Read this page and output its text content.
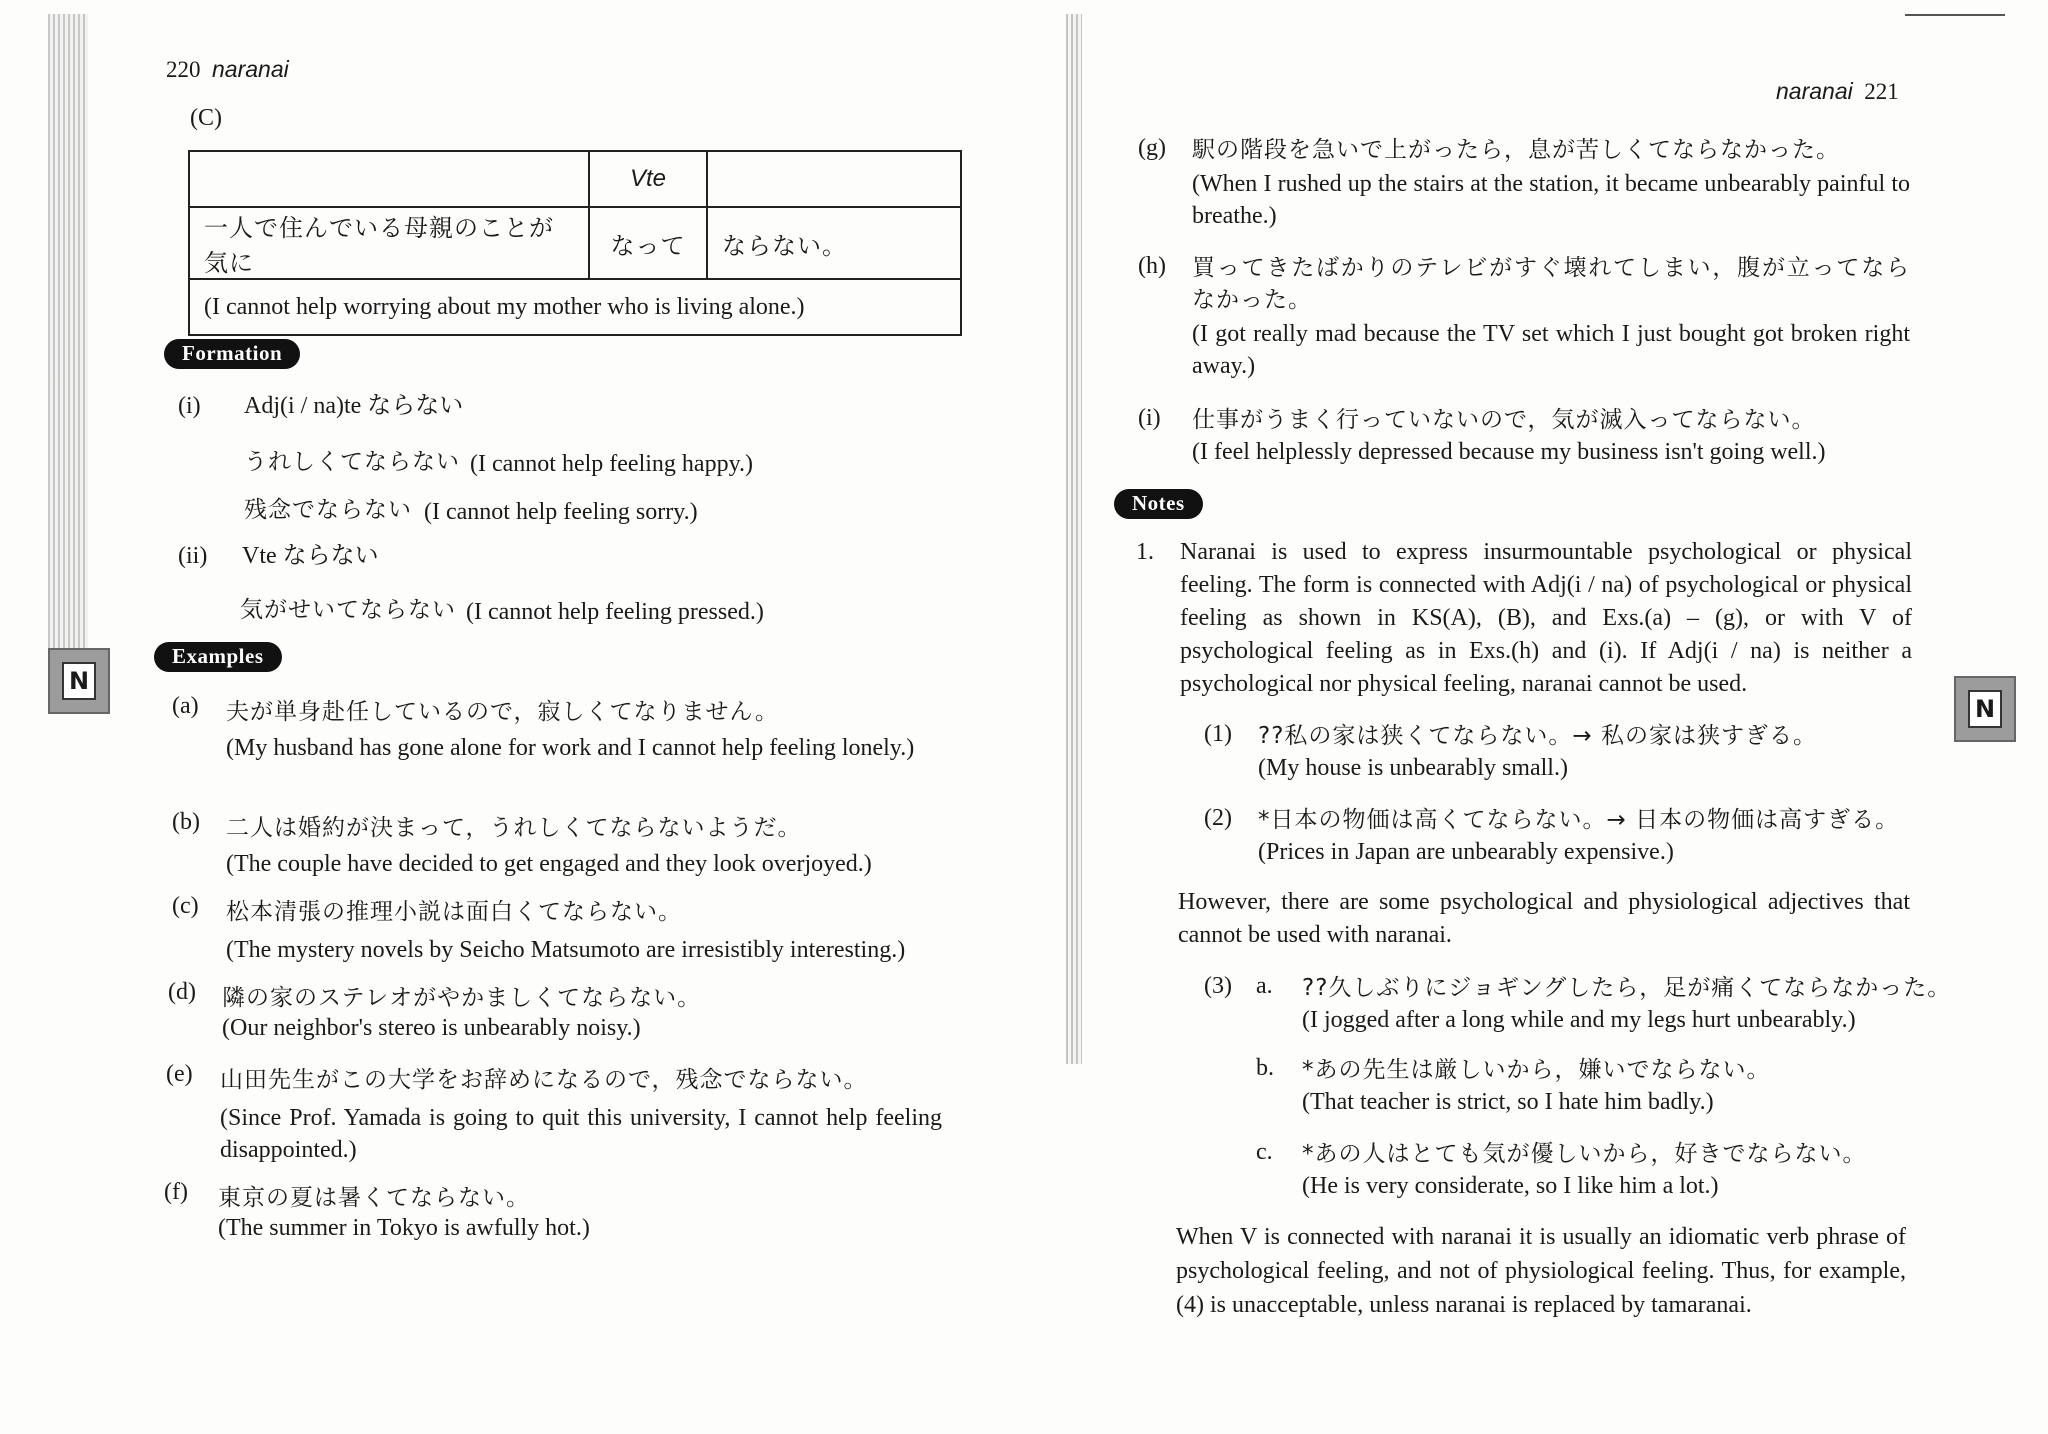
220 naranai
(C)
	Vte	
一人で住んでいる母親のことが気に	なって	ならない。
(I cannot help worrying about my mother who is living alone.)		
Formation
(i) Adj(i / na)te ならない
うれしくてならない (I cannot help feeling happy.)
残念でならない (I cannot help feeling sorry.)
(ii) Vte ならない
気がせいてならない (I cannot help feeling pressed.)
Examples
(a) 夫が単身赴任しているので，寂しくてなりません。
(My husband has gone alone for work and I cannot help feeling lonely.)
(b) 二人は婚約が決まって，うれしくてならないようだ。
(The couple have decided to get engaged and they look overjoyed.)
(c) 松本清張の推理小説は面白くてならない。
(The mystery novels by Seicho Matsumoto are irresistibly interesting.)
(d) 隣の家のステレオがやかましくてならない。
(Our neighbor's stereo is unbearably noisy.)
(e) 山田先生がこの大学をお辞めになるので，残念でならない。
(Since Prof. Yamada is going to quit this university, I cannot help feeling disappointed.)
(f) 東京の夏は暑くてならない。
(The summer in Tokyo is awfully hot.)
N
naranai 221
(g) 駅の階段を急いで上がったら，息が苦しくてならなかった。
(When I rushed up the stairs at the station, it became unbearably painful to breathe.)
(h) 買ってきたばかりのテレビがすぐ壊れてしまい，腹が立ってならなかった。
(I got really mad because the TV set which I just bought got broken right away.)
(i) 仕事がうまく行っていないので，気が滅入ってならない。
(I feel helplessly depressed because my business isn't going well.)
Notes
1. Naranai is used to express insurmountable psychological or physical feeling. The form is connected with Adj(i / na) of psychological or physical feeling as shown in KS(A), (B), and Exs.(a) – (g), or with V of psychological feeling as in Exs.(h) and (i). If Adj(i / na) is neither a psychological nor physical feeling, naranai cannot be used.
(1) ??私の家は狭くてならない。→ 私の家は狭すぎる。
(My house is unbearably small.)
(2) *日本の物価は高くてならない。→ 日本の物価は高すぎる。
(Prices in Japan are unbearably expensive.)
However, there are some psychological and physiological adjectives that cannot be used with naranai.
(3) a. ??久しぶりにジョギングしたら，足が痛くてならなかった。
(I jogged after a long while and my legs hurt unbearably.)
b. *あの先生は厳しいから，嫌いでならない。
(That teacher is strict, so I hate him badly.)
c. *あの人はとても気が優しいから，好きでならない。
(He is very considerate, so I like him a lot.)
When V is connected with naranai it is usually an idiomatic verb phrase of psychological feeling, and not of physiological feeling. Thus, for example, (4) is unacceptable, unless naranai is replaced by tamaranai.
N
